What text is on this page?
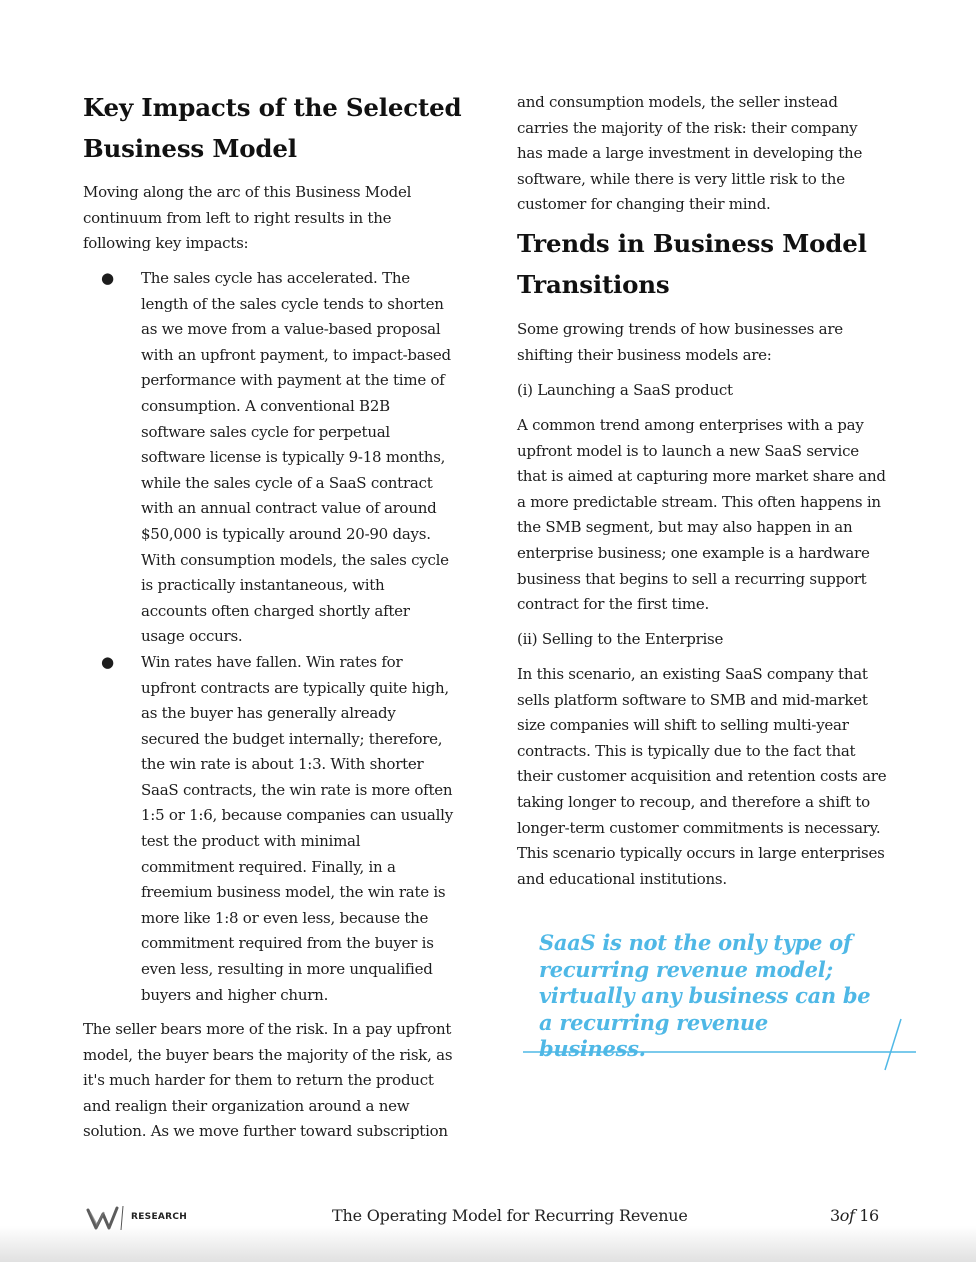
Key Impacts of the Selected Business Model

Moving along the arc of this Business Model continuum from left to right results in the following key impacts:

● The sales cycle has accelerated. The length of the sales cycle tends to shorten as we move from a value-based proposal with an upfront payment, to impact-based performance with payment at the time of consumption. A conventional B2B software sales cycle for perpetual software license is typically 9-18 months, while the sales cycle of a SaaS contract with an annual contract value of around $50,000 is typically around 20-90 days. With consumption models, the sales cycle is practically instantaneous, with accounts often charged shortly after usage occurs.
● Win rates have fallen. Win rates for upfront contracts are typically quite high, as the buyer has generally already secured the budget internally; therefore, the win rate is about 1:3. With shorter SaaS contracts, the win rate is more often 1:5 or 1:6, because companies can usually test the product with minimal commitment required. Finally, in a freemium business model, the win rate is more like 1:8 or even less, because the commitment required from the buyer is even less, resulting in more unqualified buyers and higher churn.

The seller bears more of the risk. In a pay upfront model, the buyer bears the majority of the risk, as it's much harder for them to return the product and realign their organization around a new solution. As we move further toward subscription

and consumption models, the seller instead carries the majority of the risk: their company has made a large investment in developing the software, while there is very little risk to the customer for changing their mind.

Trends in Business Model Transitions

Some growing trends of how businesses are shifting their business models are:

(i) Launching a SaaS product

A common trend among enterprises with a pay upfront model is to launch a new SaaS service that is aimed at capturing more market share and a more predictable stream. This often happens in the SMB segment, but may also happen in an enterprise business; one example is a hardware business that begins to sell a recurring support contract for the first time.

(ii) Selling to the Enterprise

In this scenario, an existing SaaS company that sells platform software to SMB and mid-market size companies will shift to selling multi-year contracts. This is typically due to the fact that their customer acquisition and retention costs are taking longer to recoup, and therefore a shift to longer-term customer commitments is necessary. This scenario typically occurs in large enterprises and educational institutions.

SaaS is not the only type of recurring revenue model; virtually any business can be a recurring revenue business.
RESEARCH	The Operating Model for Recurring Revenue	3of 16
